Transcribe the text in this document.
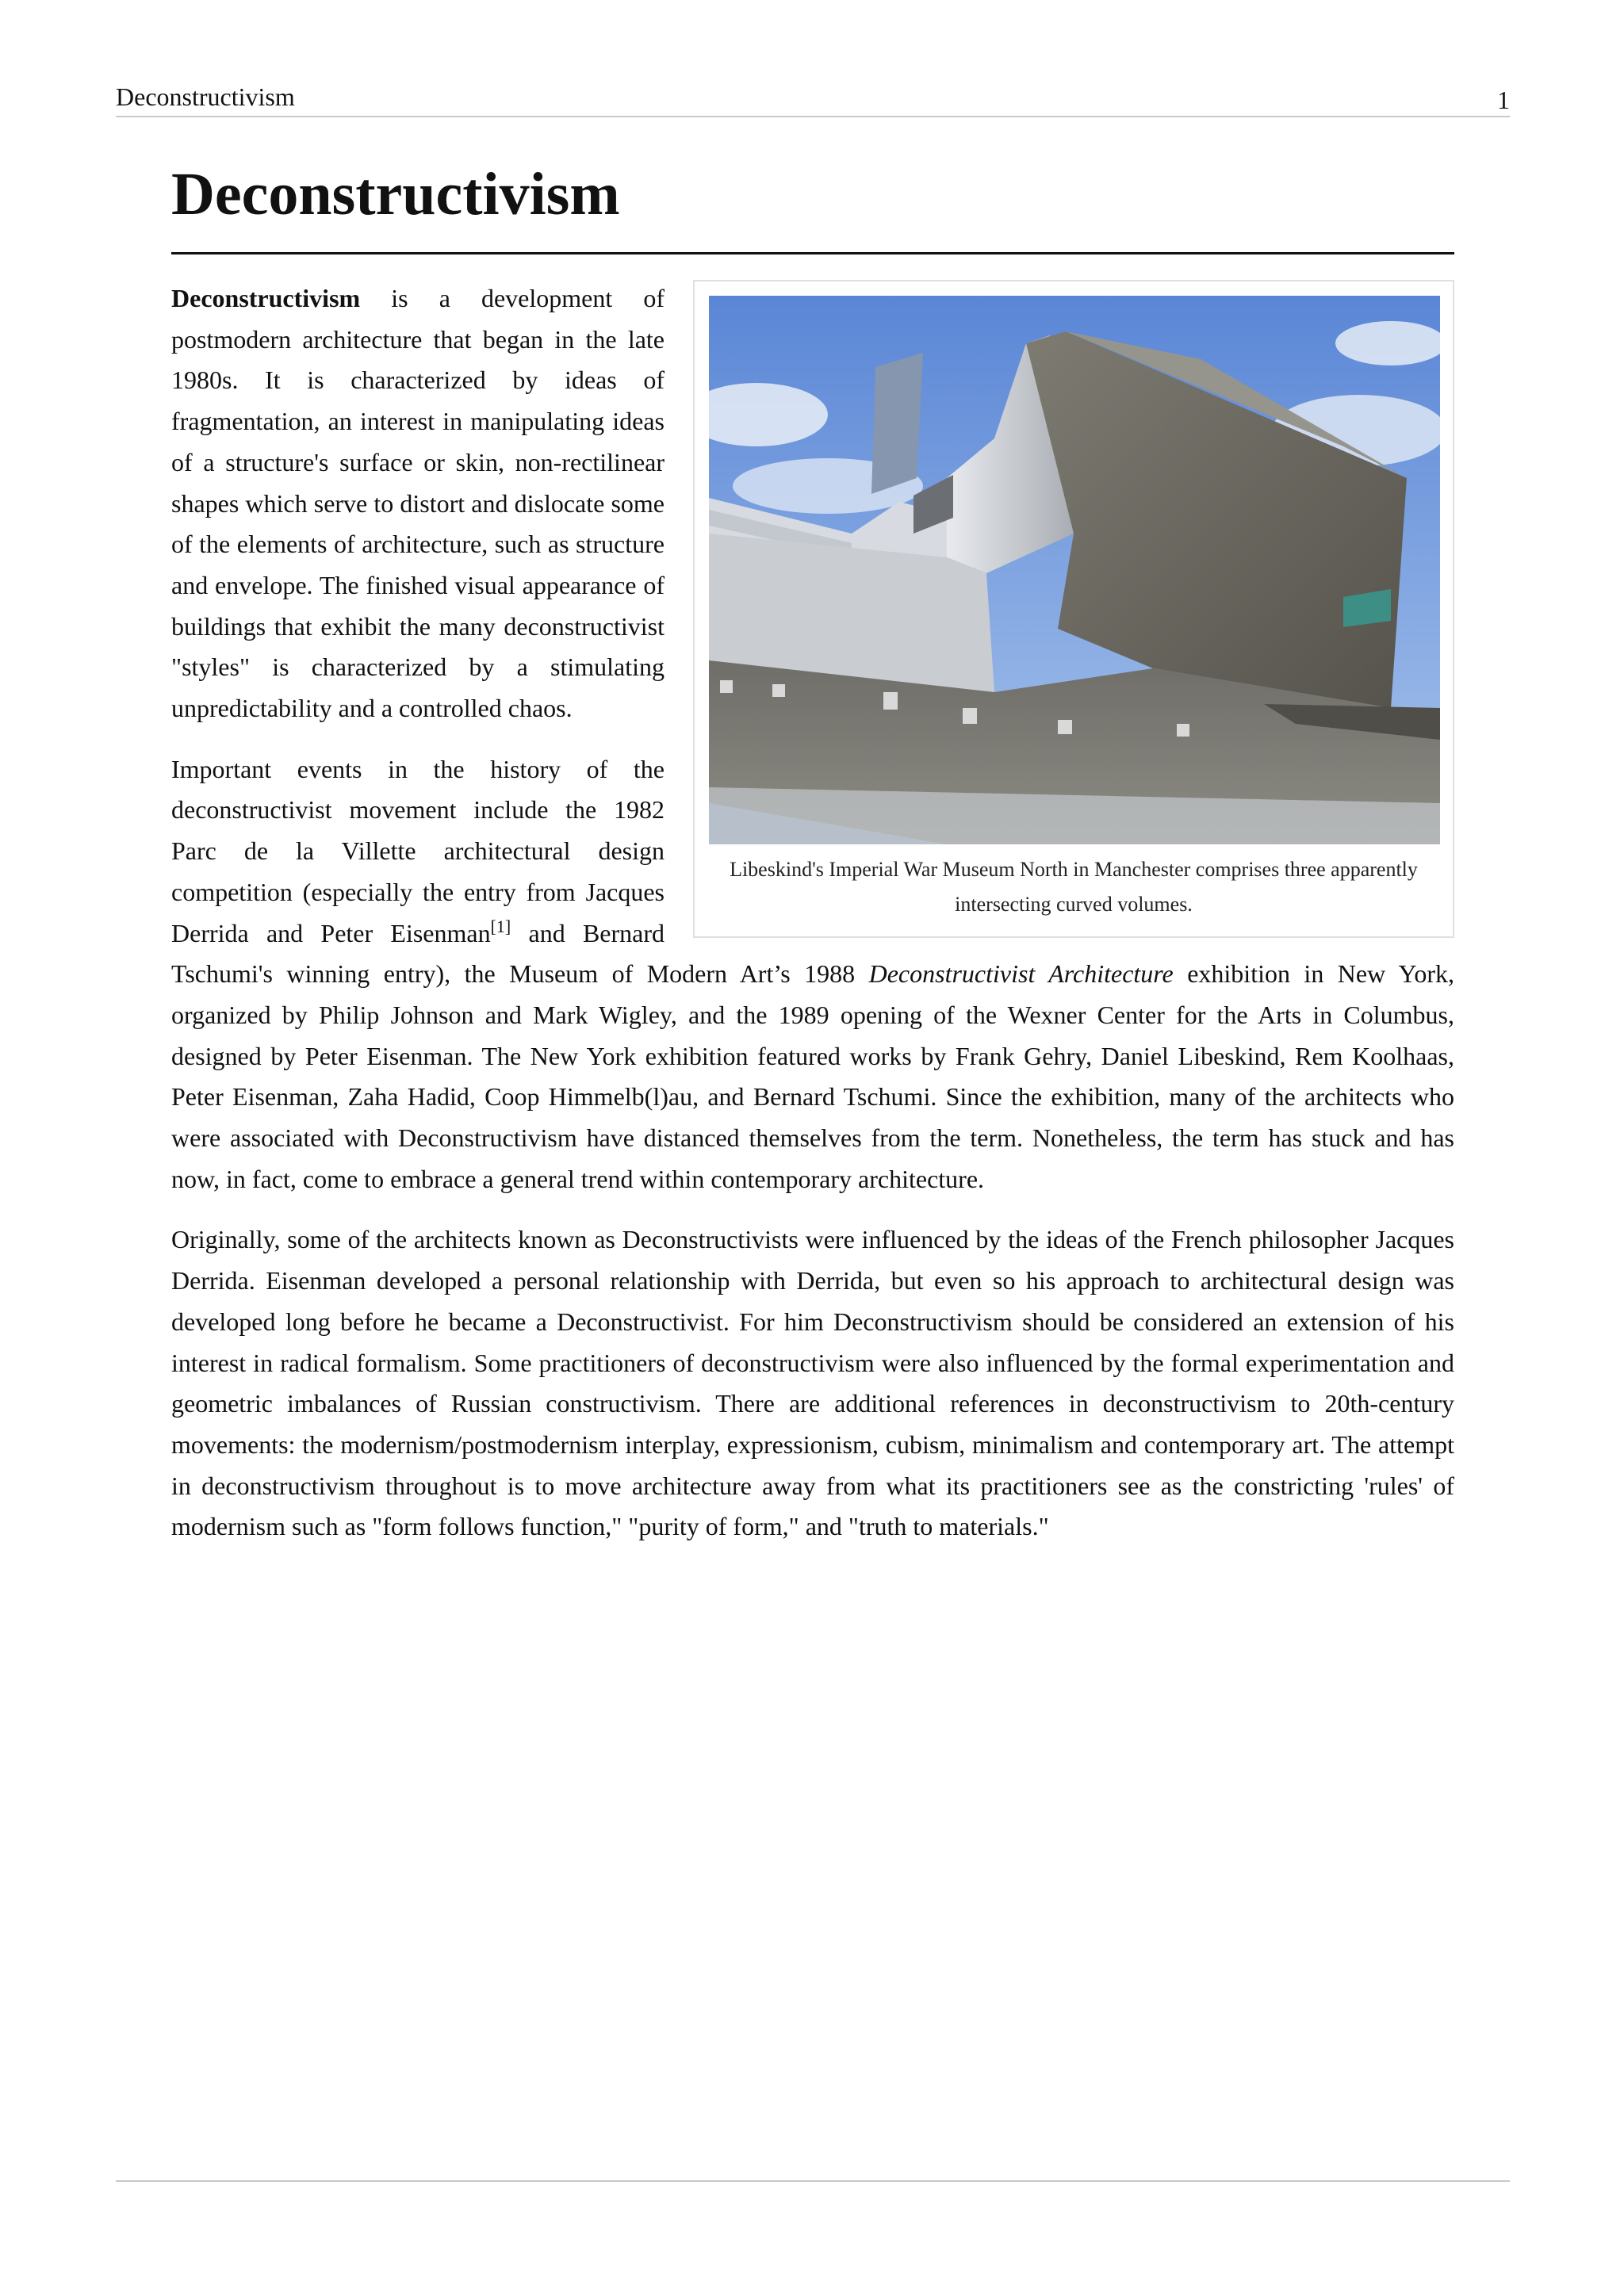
Deconstructivism	1
Deconstructivism
Libeskind's Imperial War Museum North in Manchester comprises three apparently intersecting curved volumes.

Deconstructivism is a development of postmodern architecture that began in the late 1980s. It is characterized by ideas of fragmentation, an interest in manipulating ideas of a structure's surface or skin, non-rectilinear shapes which serve to distort and dislocate some of the elements of architecture, such as structure and envelope. The finished visual appearance of buildings that exhibit the many deconstructivist "styles" is characterized by a stimulating unpredictability and a controlled chaos.

Important events in the history of the deconstructivist movement include the 1982 Parc de la Villette architectural design competition (especially the entry from Jacques Derrida and Peter Eisenman[1] and Bernard Tschumi's winning entry), the Museum of Modern Art’s 1988 Deconstructivist Architecture exhibition in New York, organized by Philip Johnson and Mark Wigley, and the 1989 opening of the Wexner Center for the Arts in Columbus, designed by Peter Eisenman. The New York exhibition featured works by Frank Gehry, Daniel Libeskind, Rem Koolhaas, Peter Eisenman, Zaha Hadid, Coop Himmelb(l)au, and Bernard Tschumi. Since the exhibition, many of the architects who were associated with Deconstructivism have distanced themselves from the term. Nonetheless, the term has stuck and has now, in fact, come to embrace a general trend within contemporary architecture.

Originally, some of the architects known as Deconstructivists were influenced by the ideas of the French philosopher Jacques Derrida. Eisenman developed a personal relationship with Derrida, but even so his approach to architectural design was developed long before he became a Deconstructivist. For him Deconstructivism should be considered an extension of his interest in radical formalism. Some practitioners of deconstructivism were also influenced by the formal experimentation and geometric imbalances of Russian constructivism. There are additional references in deconstructivism to 20th-century movements: the modernism/postmodernism interplay, expressionism, cubism, minimalism and contemporary art. The attempt in deconstructivism throughout is to move architecture away from what its practitioners see as the constricting 'rules' of modernism such as "form follows function," "purity of form," and "truth to materials."
